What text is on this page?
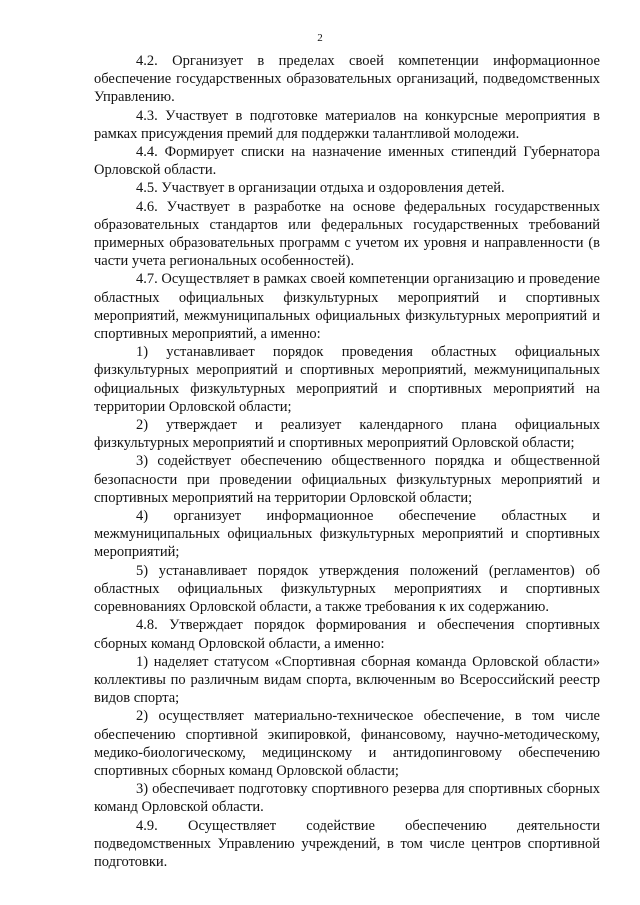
2

4.2. Организует в пределах своей компетенции информационное обеспечение государственных образовательных организаций, подведомственных Управлению.

4.3. Участвует в подготовке материалов на конкурсные мероприятия в рамках присуждения премий для поддержки талантливой молодежи.

4.4. Формирует списки на назначение именных стипендий Губернатора Орловской области.

4.5. Участвует в организации отдыха и оздоровления детей.

4.6. Участвует в разработке на основе федеральных государственных образовательных стандартов или федеральных государственных требований примерных образовательных программ с учетом их уровня и направленности (в части учета региональных особенностей).

4.7. Осуществляет в рамках своей компетенции организацию и проведение областных официальных физкультурных мероприятий и спортивных мероприятий, межмуниципальных официальных физкультурных мероприятий и спортивных мероприятий, а именно:

1) устанавливает порядок проведения областных официальных физкультурных мероприятий и спортивных мероприятий, межмуниципальных официальных физкультурных мероприятий и спортивных мероприятий на территории Орловской области;

2) утверждает и реализует календарного плана официальных физкультурных мероприятий и спортивных мероприятий Орловской области;

3) содействует обеспечению общественного порядка и общественной безопасности при проведении официальных физкультурных мероприятий и спортивных мероприятий на территории Орловской области;

4) организует информационное обеспечение областных и межмуниципальных официальных физкультурных мероприятий и спортивных мероприятий;

5) устанавливает порядок утверждения положений (регламентов) об областных официальных физкультурных мероприятиях и спортивных соревнованиях Орловской области, а также требования к их содержанию.

4.8. Утверждает порядок формирования и обеспечения спортивных сборных команд Орловской области, а именно:

1) наделяет статусом «Спортивная сборная команда Орловской области» коллективы по различным видам спорта, включенным во Всероссийский реестр видов спорта;

2) осуществляет материально-техническое обеспечение, в том числе обеспечению спортивной экипировкой, финансовому, научно-методическому, медико-биологическому, медицинскому и антидопинговому обеспечению спортивных сборных команд Орловской области;

3) обеспечивает подготовку спортивного резерва для спортивных сборных команд Орловской области.

4.9. Осуществляет содействие обеспечению деятельности подведомственных Управлению учреждений, в том числе центров спортивной подготовки.
